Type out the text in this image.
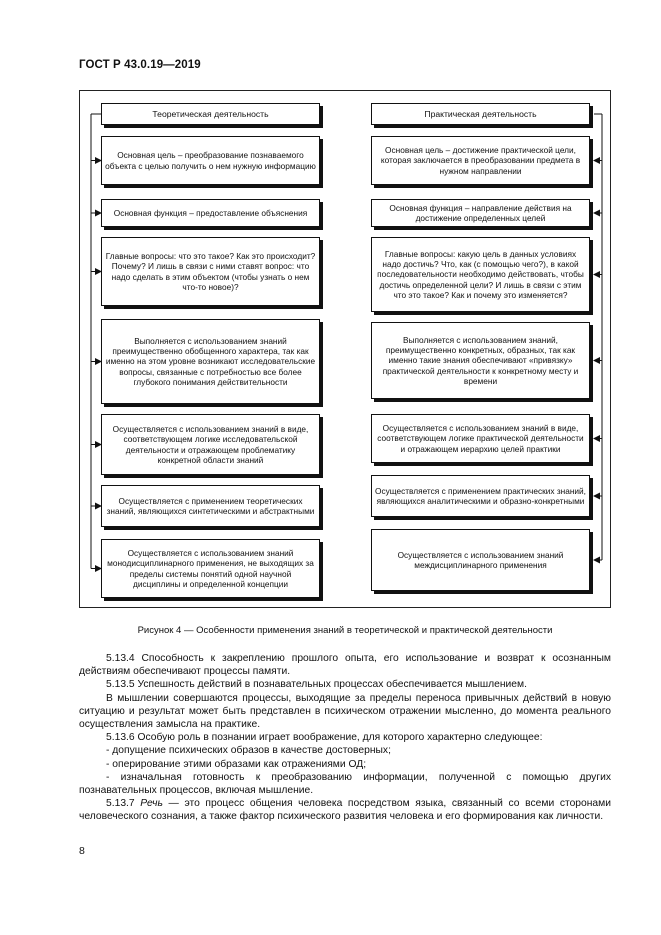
ГОСТ Р 43.0.19—2019
Теоретическая деятельность
Основная цель – преобразование познаваемого объекта с целью получить о нем нужную информацию
Основная функция – предоставление объяснения
Главные вопросы: что это такое? Как это происходит? Почему? И лишь в связи с ними ставят вопрос: что надо сделать в этим объектом (чтобы узнать о нем что-то новое)?
Выполняется с использованием знаний преимущественно обобщенного характера, так как именно на этом уровне возникают исследовательские вопросы, связанные с потребностью все более глубокого понимания действительности
Осуществляется с использованием знаний в виде, соответствующем логике исследовательской деятельности и отражающем проблематику конкретной области знаний
Осуществляется с применением теоретических знаний, являющихся синтетическими и абстрактными
Осуществляется с использованием знаний монодисциплинарного применения, не выходящих за пределы системы понятий одной научной дисциплины и определенной концепции
Практическая деятельность
Основная цель – достижение практической цели, которая заключается в преобразовании предмета в нужном направлении
Основная функция – направление действия на достижение определенных целей
Главные вопросы: какую цель в данных условиях надо достичь? Что, как (с помощью чего?), в какой последовательности необходимо действовать, чтобы достичь определенной цели? И лишь в связи с этим что это такое? Как и почему это изменяется?
Выполняется с использованием знаний, преимущественно конкретных, образных, так как именно такие знания обеспечивают «привязку» практической деятельности к конкретному месту и времени
Осуществляется с использованием знаний в виде, соответствующем логике практической деятельности и отражающем иерархию целей практики
Осуществляется с применением практических знаний, являющихся аналитическими и образно-конкретными
Осуществляется с использованием знаний междисциплинарного применения
Рисунок 4 — Особенности применения знаний в теоретической и практической деятельности

5.13.4 Способность к закреплению прошлого опыта, его использование и возврат к осознанным действиям обеспечивают процессы памяти.

5.13.5 Успешность действий в познавательных процессах обеспечивается мышлением.

В мышлении совершаются процессы, выходящие за пределы переноса привычных действий в новую ситуацию и результат может быть представлен в психическом отражении мысленно, до момента реального осуществления замысла на практике.

5.13.6 Особую роль в познании играет воображение, для которого характерно следующее:

- допущение психических образов в качестве достоверных;

- оперирование этими образами как отражениями ОД;

- изначальная готовность к преобразованию информации, полученной с помощью других познавательных процессов, включая мышление.

5.13.7 Речь — это процесс общения человека посредством языка, связанный со всеми сторонами человеческого сознания, а также фактор психического развития человека и его формирования как личности.

8
